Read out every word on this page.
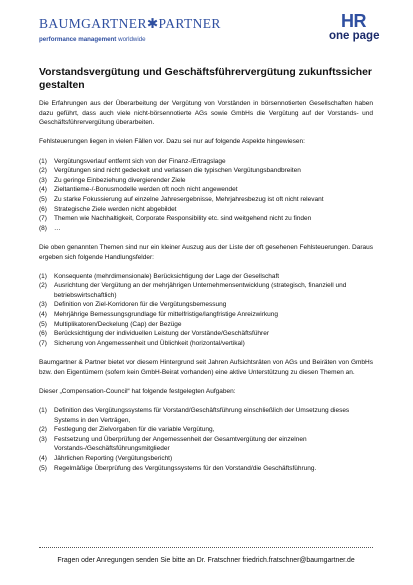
BAUMGARTNER✱PARTNER
performance management worldwide
HR
one page
Vorstandsvergütung und Geschäftsführervergütung zukunftssicher gestalten

Die Erfahrungen aus der Überarbeitung der Vergütung von Vorständen in börsennotierten Gesellschaften haben dazu geführt, dass auch viele nicht-börsennotierte AGs sowie GmbHs die Vergütung auf der Vorstands- und Geschäftsführervergütung überarbeiten.

Fehlsteuerungen liegen in vielen Fällen vor. Dazu sei nur auf folgende Aspekte hingewiesen:

(1) Vergütungsverlauf entfernt sich von der Finanz-/Ertragslage
(2) Vergütungen sind nicht gedeckelt und verlassen die typischen Vergütungsbandbreiten
(3) Zu geringe Einbeziehung divergierender Ziele
(4) Zieltantieme-/-Bonusmodelle werden oft noch nicht angewendet
(5) Zu starke Fokussierung auf einzelne Jahresergebnisse, Mehrjahresbezug ist oft nicht relevant
(6) Strategische Ziele werden nicht abgebildet
(7) Themen wie Nachhaltigkeit, Corporate Responsibility etc. sind weitgehend nicht zu finden
(8) …

Die oben genannten Themen sind nur ein kleiner Auszug aus der Liste der oft gesehenen Fehlsteuerungen. Daraus ergeben sich folgende Handlungsfelder:

(1) Konsequente (mehrdimensionale) Berücksichtigung der Lage der Gesellschaft
(2) Ausrichtung der Vergütung an der mehrjährigen Unternehmensentwicklung (strategisch, finanziell und betriebswirtschaftlich)
(3) Definition von Ziel-Korridoren für die Vergütungsbemessung
(4) Mehrjährige Bemessungsgrundlage für mittelfristige/langfristige Anreizwirkung
(5) Multiplikatoren/Deckelung (Cap) der Bezüge
(6) Berücksichtigung der individuellen Leistung der Vorstände/Geschäftsführer
(7) Sicherung von Angemessenheit und Üblichkeit (horizontal/vertikal)

Baumgartner & Partner bietet vor diesem Hintergrund seit Jahren Aufsichtsräten von AGs und Beiräten von GmbHs bzw. den Eigentümern (sofern kein GmbH-Beirat vorhanden) eine aktive Unterstützung zu diesen Themen an.

Dieser „Compensation-Council“ hat folgende festgelegten Aufgaben:

(1) Definition des Vergütungssystems für Vorstand/Geschäftsführung einschließlich der Umsetzung dieses Systems in den Verträgen,
(2) Festlegung der Zielvorgaben für die variable Vergütung,
(3) Festsetzung und Überprüfung der Angemessenheit der Gesamtvergütung der einzelnen Vorstands-/Geschäftsführungsmitglieder
(4) Jährlichen Reporting (Vergütungsbericht)
(5) Regelmäßige Überprüfung des Vergütungssystems für den Vorstand/die Geschäftsführung.
Fragen oder Anregungen senden Sie bitte an Dr. Fratschner friedrich.fratschner@baumgartner.de
